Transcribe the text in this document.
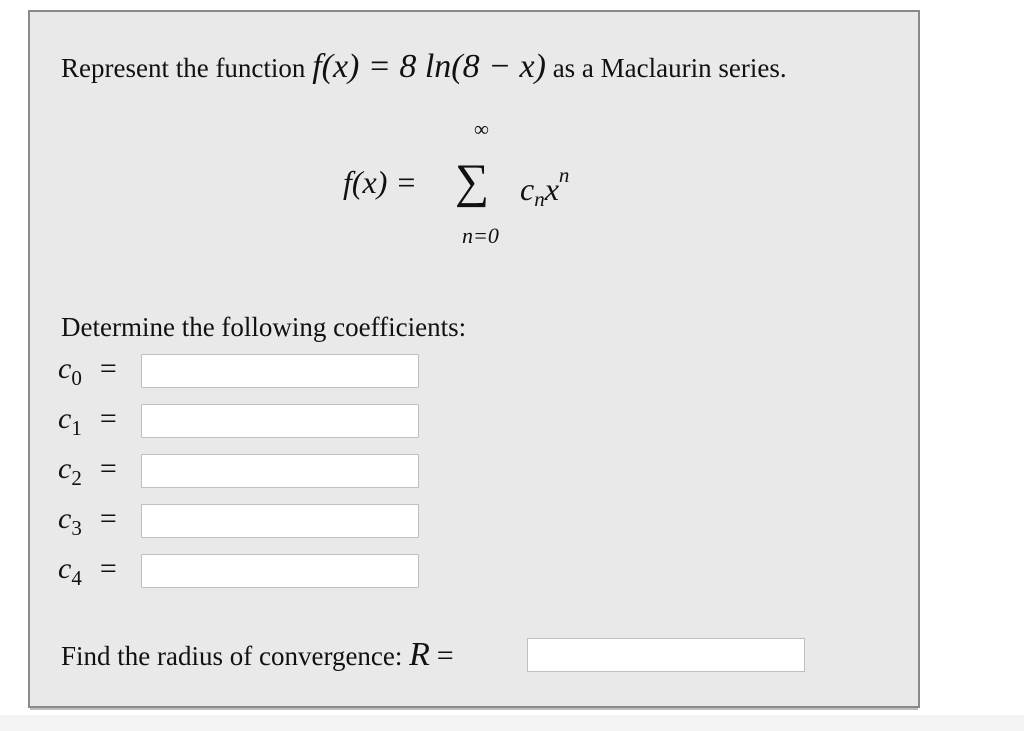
Represent the function f(x) = 8 ln(8 − x) as a Maclaurin series.
f(x) =
∞
∑
n=0
$c_nx^n$
Determine the following coefficients:
$c_0$ =
$c_1$ =
$c_2$ =
$c_3$ =
$c_4$ =
Find the radius of convergence: R =
